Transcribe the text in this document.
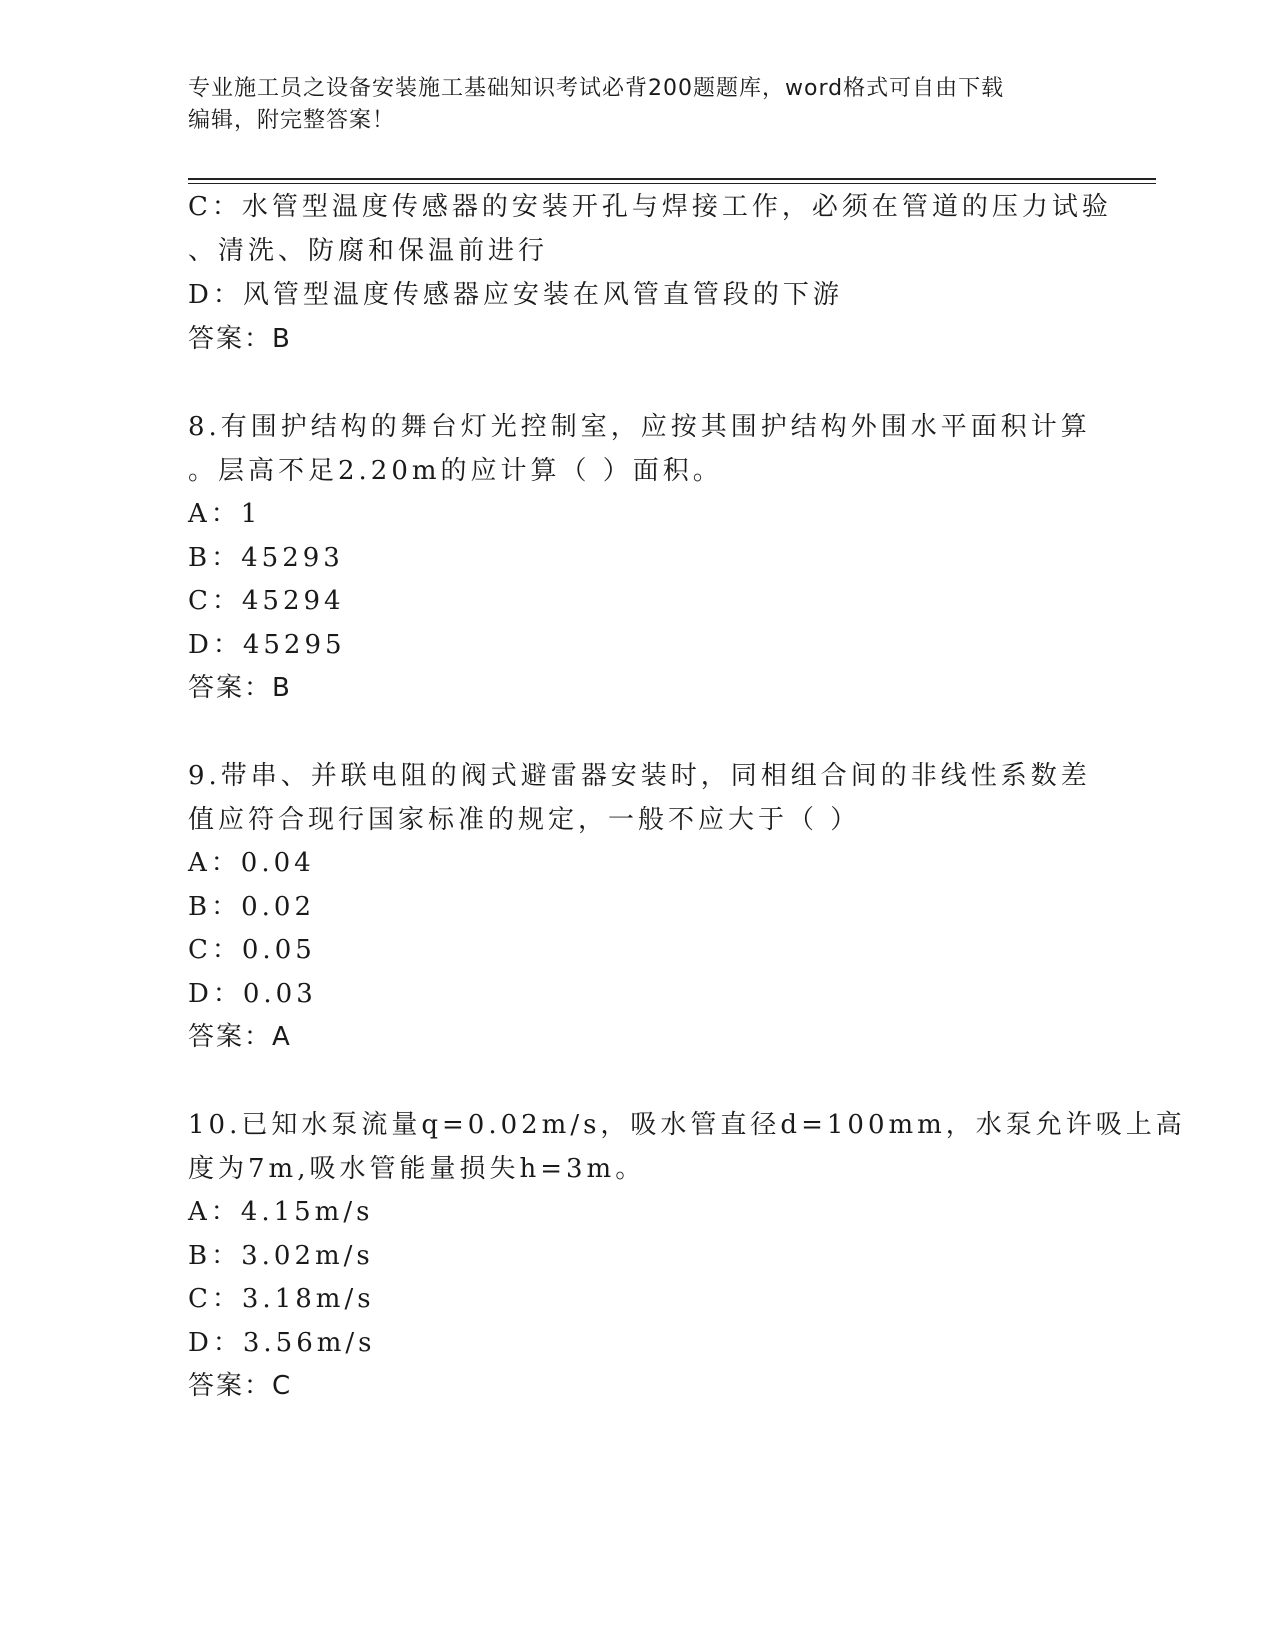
专业施工员之设备安装施工基础知识考试必背200题题库，word格式可自由下载
编辑，附完整答案！
C：水管型温度传感器的安装开孔与焊接工作，必须在管道的压力试验
、清洗、防腐和保温前进行
D：风管型温度传感器应安装在风管直管段的下游
答案：B
8.有围护结构的舞台灯光控制室，应按其围护结构外围水平面积计算
。层高不足2.20m的应计算（ ）面积。
A：1
B：45293
C：45294
D：45295
答案：B
9.带串、并联电阻的阀式避雷器安装时，同相组合间的非线性系数差
值应符合现行国家标准的规定，一般不应大于（ ）
A：0.04
B：0.02
C：0.05
D：0.03
答案：A
10.已知水泵流量q=0.02m/s，吸水管直径d=100mm，水泵允许吸上高
度为7m,吸水管能量损失h=3m。
A：4.15m/s
B：3.02m/s
C：3.18m/s
D：3.56m/s
答案：C
